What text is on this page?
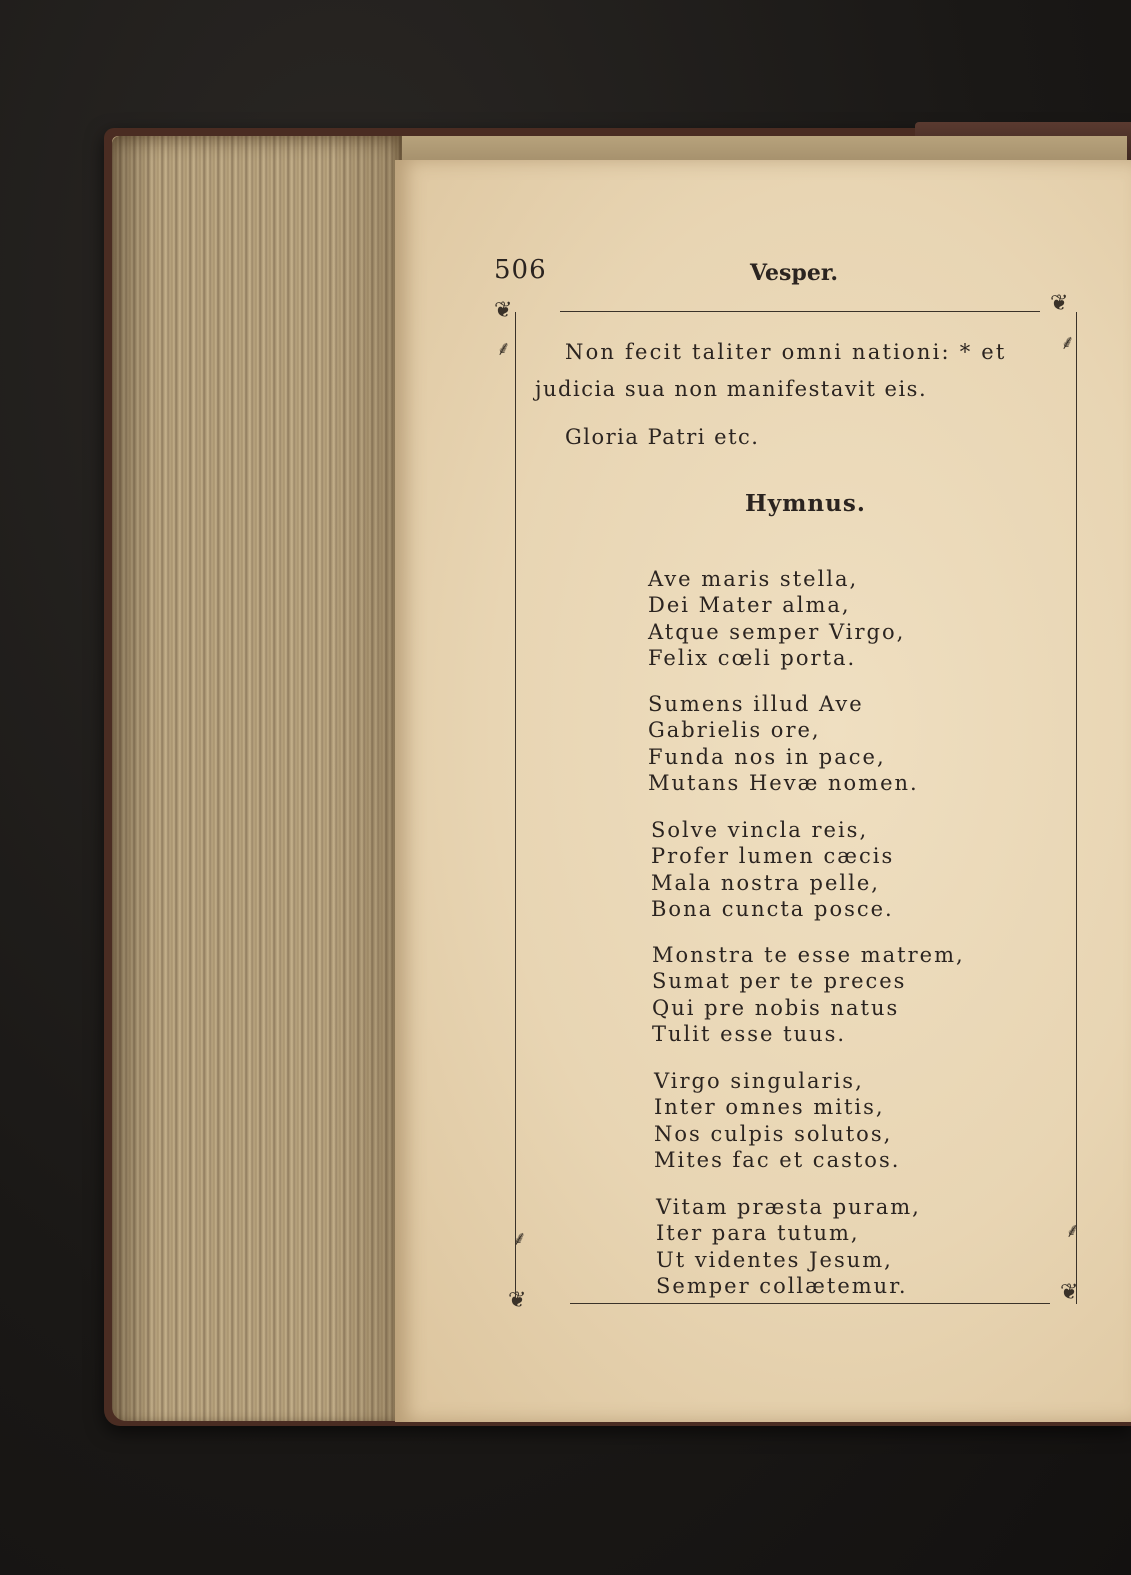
506	Vesper.
❦	❦
❦	❦
⸙	⸙
⸙	⸙
Non fecit taliter omni nationi: * et
judicia sua non manifestavit eis.
Gloria Patri etc.
Hymnus.

Ave maris stella,
Dei Mater alma,
Atque semper Virgo,
Felix cœli porta.

Sumens illud Ave
Gabrielis ore,
Funda nos in pace,
Mutans Hevæ nomen.

Solve vincla reis,
Profer lumen cæcis
Mala nostra pelle,
Bona cuncta posce.

Monstra te esse matrem,
Sumat per te preces
Qui pre nobis natus
Tulit esse tuus.

Virgo singularis,
Inter omnes mitis,
Nos culpis solutos,
Mites fac et castos.

Vitam præsta puram,
Iter para tutum,
Ut videntes Jesum,
Semper collætemur.
